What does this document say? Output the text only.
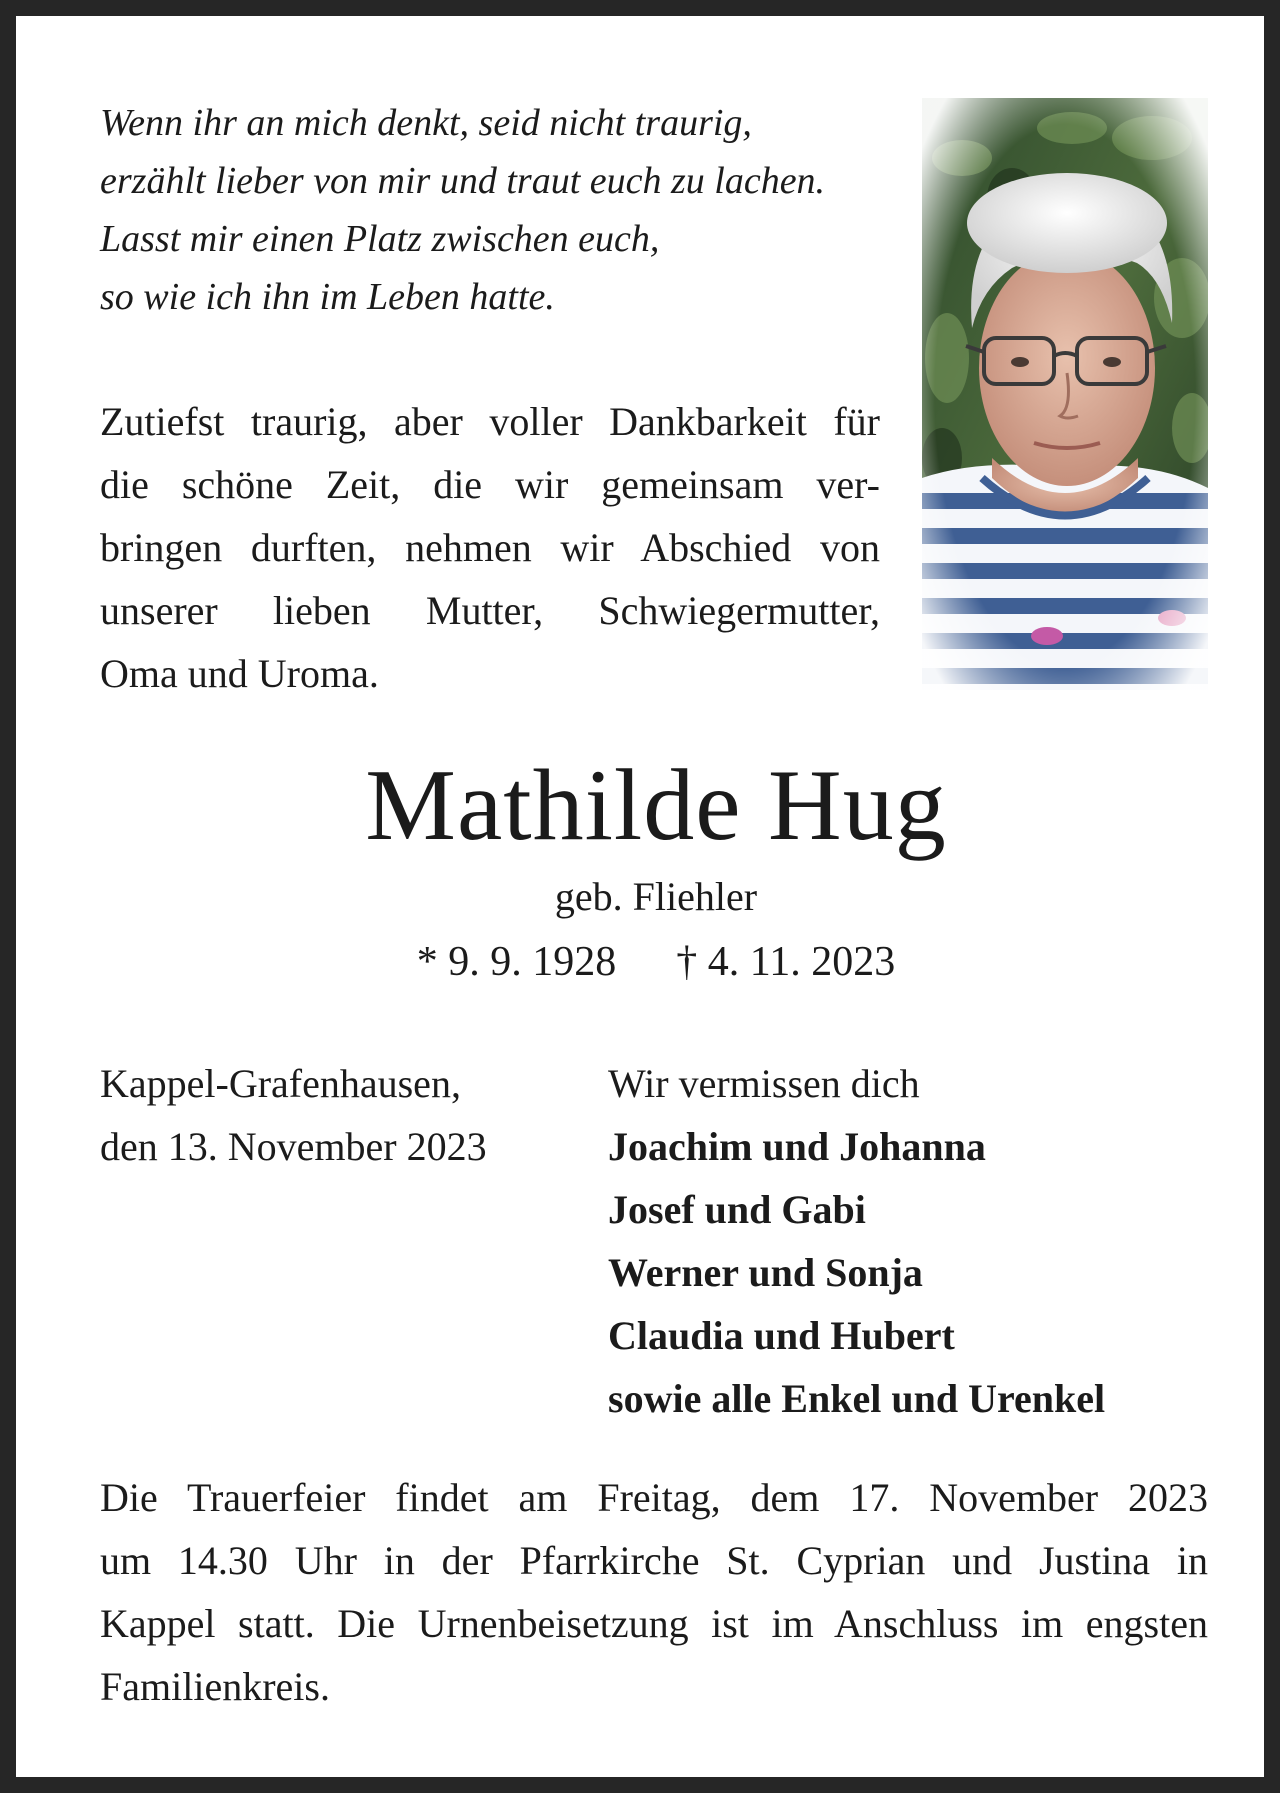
Wenn ihr an mich denkt, seid nicht traurig,
erzählt lieber von mir und traut euch zu lachen.
Lasst mir einen Platz zwischen euch,
so wie ich ihn im Leben hatte.
Zutiefst traurig, aber voller Dankbarkeit für
die schöne Zeit, die wir gemeinsam ver-
bringen durften, nehmen wir Abschied von
unserer lieben Mutter, Schwiegermutter,
Oma und Uroma.
Mathilde Hug
geb. Fliehler
* 9. 9. 1928 † 4. 11. 2023
Kappel-Grafenhausen,
den 13. November 2023
Wir vermissen dich
Joachim und Johanna
Josef und Gabi
Werner und Sonja
Claudia und Hubert
sowie alle Enkel und Urenkel
Die Trauerfeier findet am Freitag, dem 17. November 2023
um 14.30 Uhr in der Pfarrkirche St. Cyprian und Justina in
Kappel statt. Die Urnenbeisetzung ist im Anschluss im engsten
Familienkreis.
